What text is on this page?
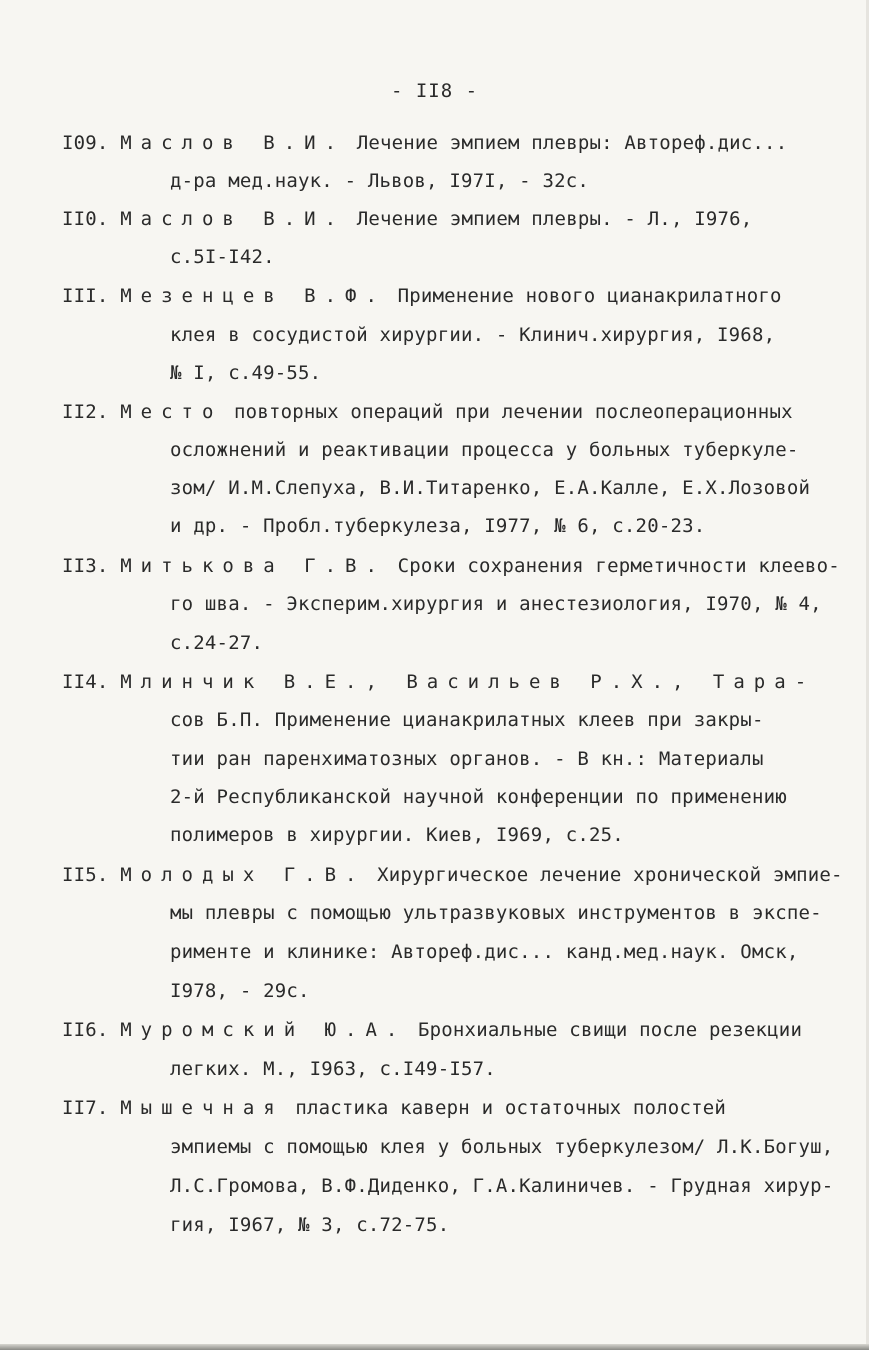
- II8 -
I09. Маслов В.И. Лечение эмпием плевры: Автореф.дис...
д-ра мед.наук. - Львов, I97I, - 32с.
II0. Маслов В.И. Лечение эмпием плевры. - Л., I976,
с.5I-I42.
III. Мезенцев В.Ф. Применение нового цианакрилатного
клея в сосудистой хирургии. - Клинич.хирургия, I968,
№ I, с.49-55.
II2. Место повторных операций при лечении послеоперационных
осложнений и реактивации процесса у больных туберкуле-
зом/ И.М.Слепуха, В.И.Титаренко, Е.А.Калле, Е.Х.Лозовой
и др. - Пробл.туберкулеза, I977, № 6, с.20-23.
II3. Митькова Г.В. Сроки сохранения герметичности клеево-
го шва. - Эксперим.хирургия и анестезиология, I970, № 4,
с.24-27.
II4. Млинчик В.Е., Васильев Р.Х., Тара-
сов Б.П. Применение цианакрилатных клеев при закры-
тии ран паренхиматозных органов. - В кн.: Материалы
2-й Республиканской научной конференции по применению
полимеров в хирургии. Киев, I969, с.25.
II5. Молодых Г.В. Хирургическое лечение хронической эмпие-
мы плевры с помощью ультразвуковых инструментов в экспе-
рименте и клинике: Автореф.дис... канд.мед.наук. Омск,
I978, - 29с.
II6. Муромский Ю.А. Бронхиальные свищи после резекции
легких. М., I963, с.I49-I57.
II7. Мышечная пластика каверн и остаточных полостей
эмпиемы с помощью клея у больных туберкулезом/ Л.К.Богуш,
Л.С.Громова, В.Ф.Диденко, Г.А.Калиничев. - Грудная хирур-
гия, I967, № 3, с.72-75.
